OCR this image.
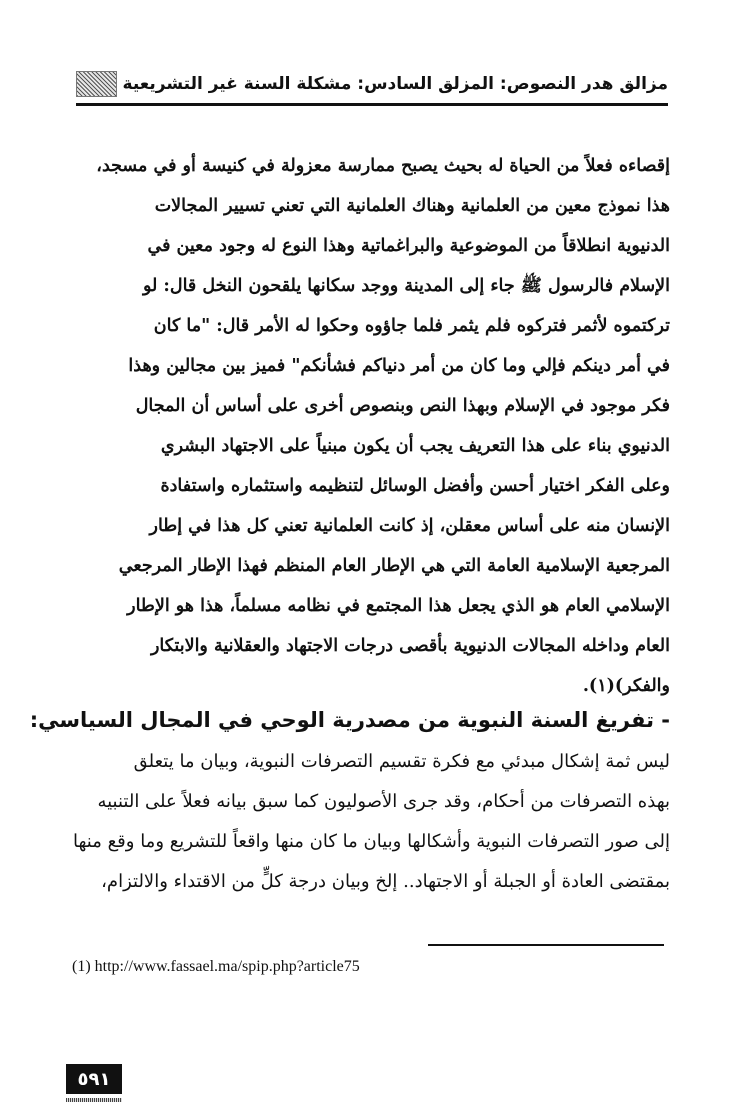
مزالق هدر النصوص: المزلق السادس: مشكلة السنة غير التشريعية
إقصاءه فعلاً من الحياة له بحيث يصبح ممارسة معزولة في كنيسة أو في مسجد،
هذا نموذج معين من العلمانية وهناك العلمانية التي تعني تسيير المجالات
الدنيوية انطلاقاً من الموضوعية والبراغماتية وهذا النوع له وجود معين في
الإسلام فالرسول ﷺ جاء إلى المدينة ووجد سكانها يلقحون النخل قال: لو
تركتموه لأثمر فتركوه فلم يثمر فلما جاؤوه وحكوا له الأمر قال: "ما كان
في أمر دينكم فإلي وما كان من أمر دنياكم فشأنكم" فميز بين مجالين وهذا
فكر موجود في الإسلام وبهذا النص وبنصوص أخرى على أساس أن المجال
الدنيوي بناء على هذا التعريف يجب أن يكون مبنياً على الاجتهاد البشري
وعلى الفكر اختيار أحسن وأفضل الوسائل لتنظيمه واستثماره واستفادة
الإنسان منه على أساس معقلن، إذ كانت العلمانية تعني كل هذا في إطار
المرجعية الإسلامية العامة التي هي الإطار العام المنظم فهذا الإطار المرجعي
الإسلامي العام هو الذي يجعل هذا المجتمع في نظامه مسلماً، هذا هو الإطار
العام وداخله المجالات الدنيوية بأقصى درجات الاجتهاد والعقلانية والابتكار
والفكر)(١).
- تفريغ السنة النبوية من مصدرية الوحي في المجال السياسي:
ليس ثمة إشكال مبدئي مع فكرة تقسيم التصرفات النبوية، وبيان ما يتعلق
بهذه التصرفات من أحكام، وقد جرى الأصوليون كما سبق بيانه فعلاً على التنبيه
إلى صور التصرفات النبوية وأشكالها وبيان ما كان منها واقعاً للتشريع وما وقع منها
بمقتضى العادة أو الجبلة أو الاجتهاد.. إلخ وبيان درجة كلٍّ من الاقتداء والالتزام،
(1) http://www.fassael.ma/spip.php?article75
٥٩١
